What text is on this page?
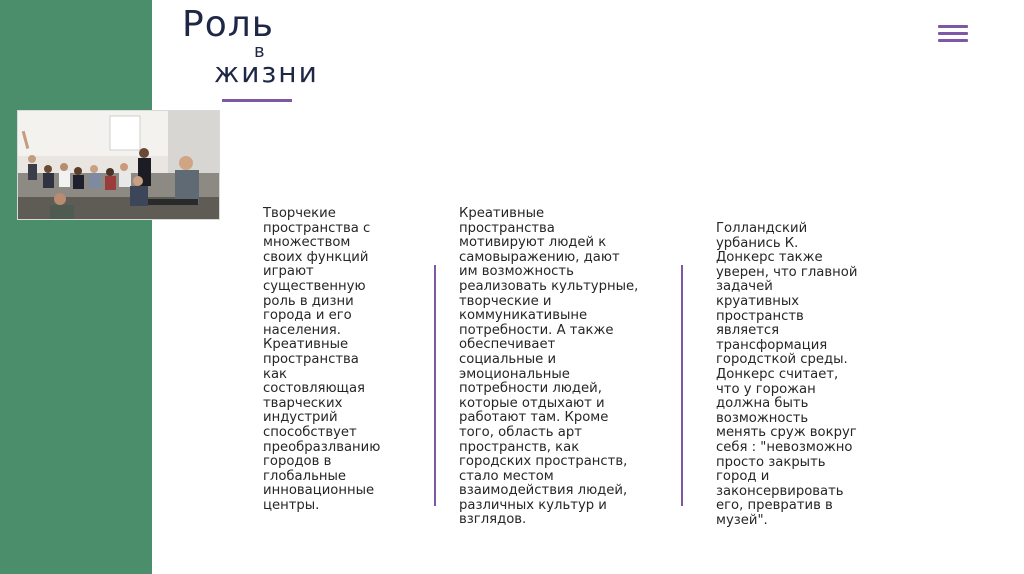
Роль
в
жизни
Творчекие
пространства с
множеством
своих функций
играют
существенную
роль в дизни
города и его
населения.
Креативные
пространства
как
состовляющая
тварческих
индустрий
способствует
преобразлванию
городов в
глобальные
инновационные
центры.
Креативные
пространства
мотивируют людей к
самовыражению, дают
им возможность
реализовать культурные,
творческие и
коммуникативыне
потребности. А также
обеспечивает
социальные и
эмоциональные
потребности людей,
которые отдыхают и
работают там. Кроме
того, область арт
пространств, как
городских пространств,
стало местом
взаимодействия людей,
различных культур и
взглядов.
Голландский
урбанись К.
Донкерс также
уверен, что главной
задачей
круативных
пространств
является
трансформация
городсткой среды.
Донкерс считает,
что у горожан
должна быть
возможность
менять сруж вокруг
себя : "невозможно
просто закрыть
город и
законсервировать
его, превратив в
музей".
